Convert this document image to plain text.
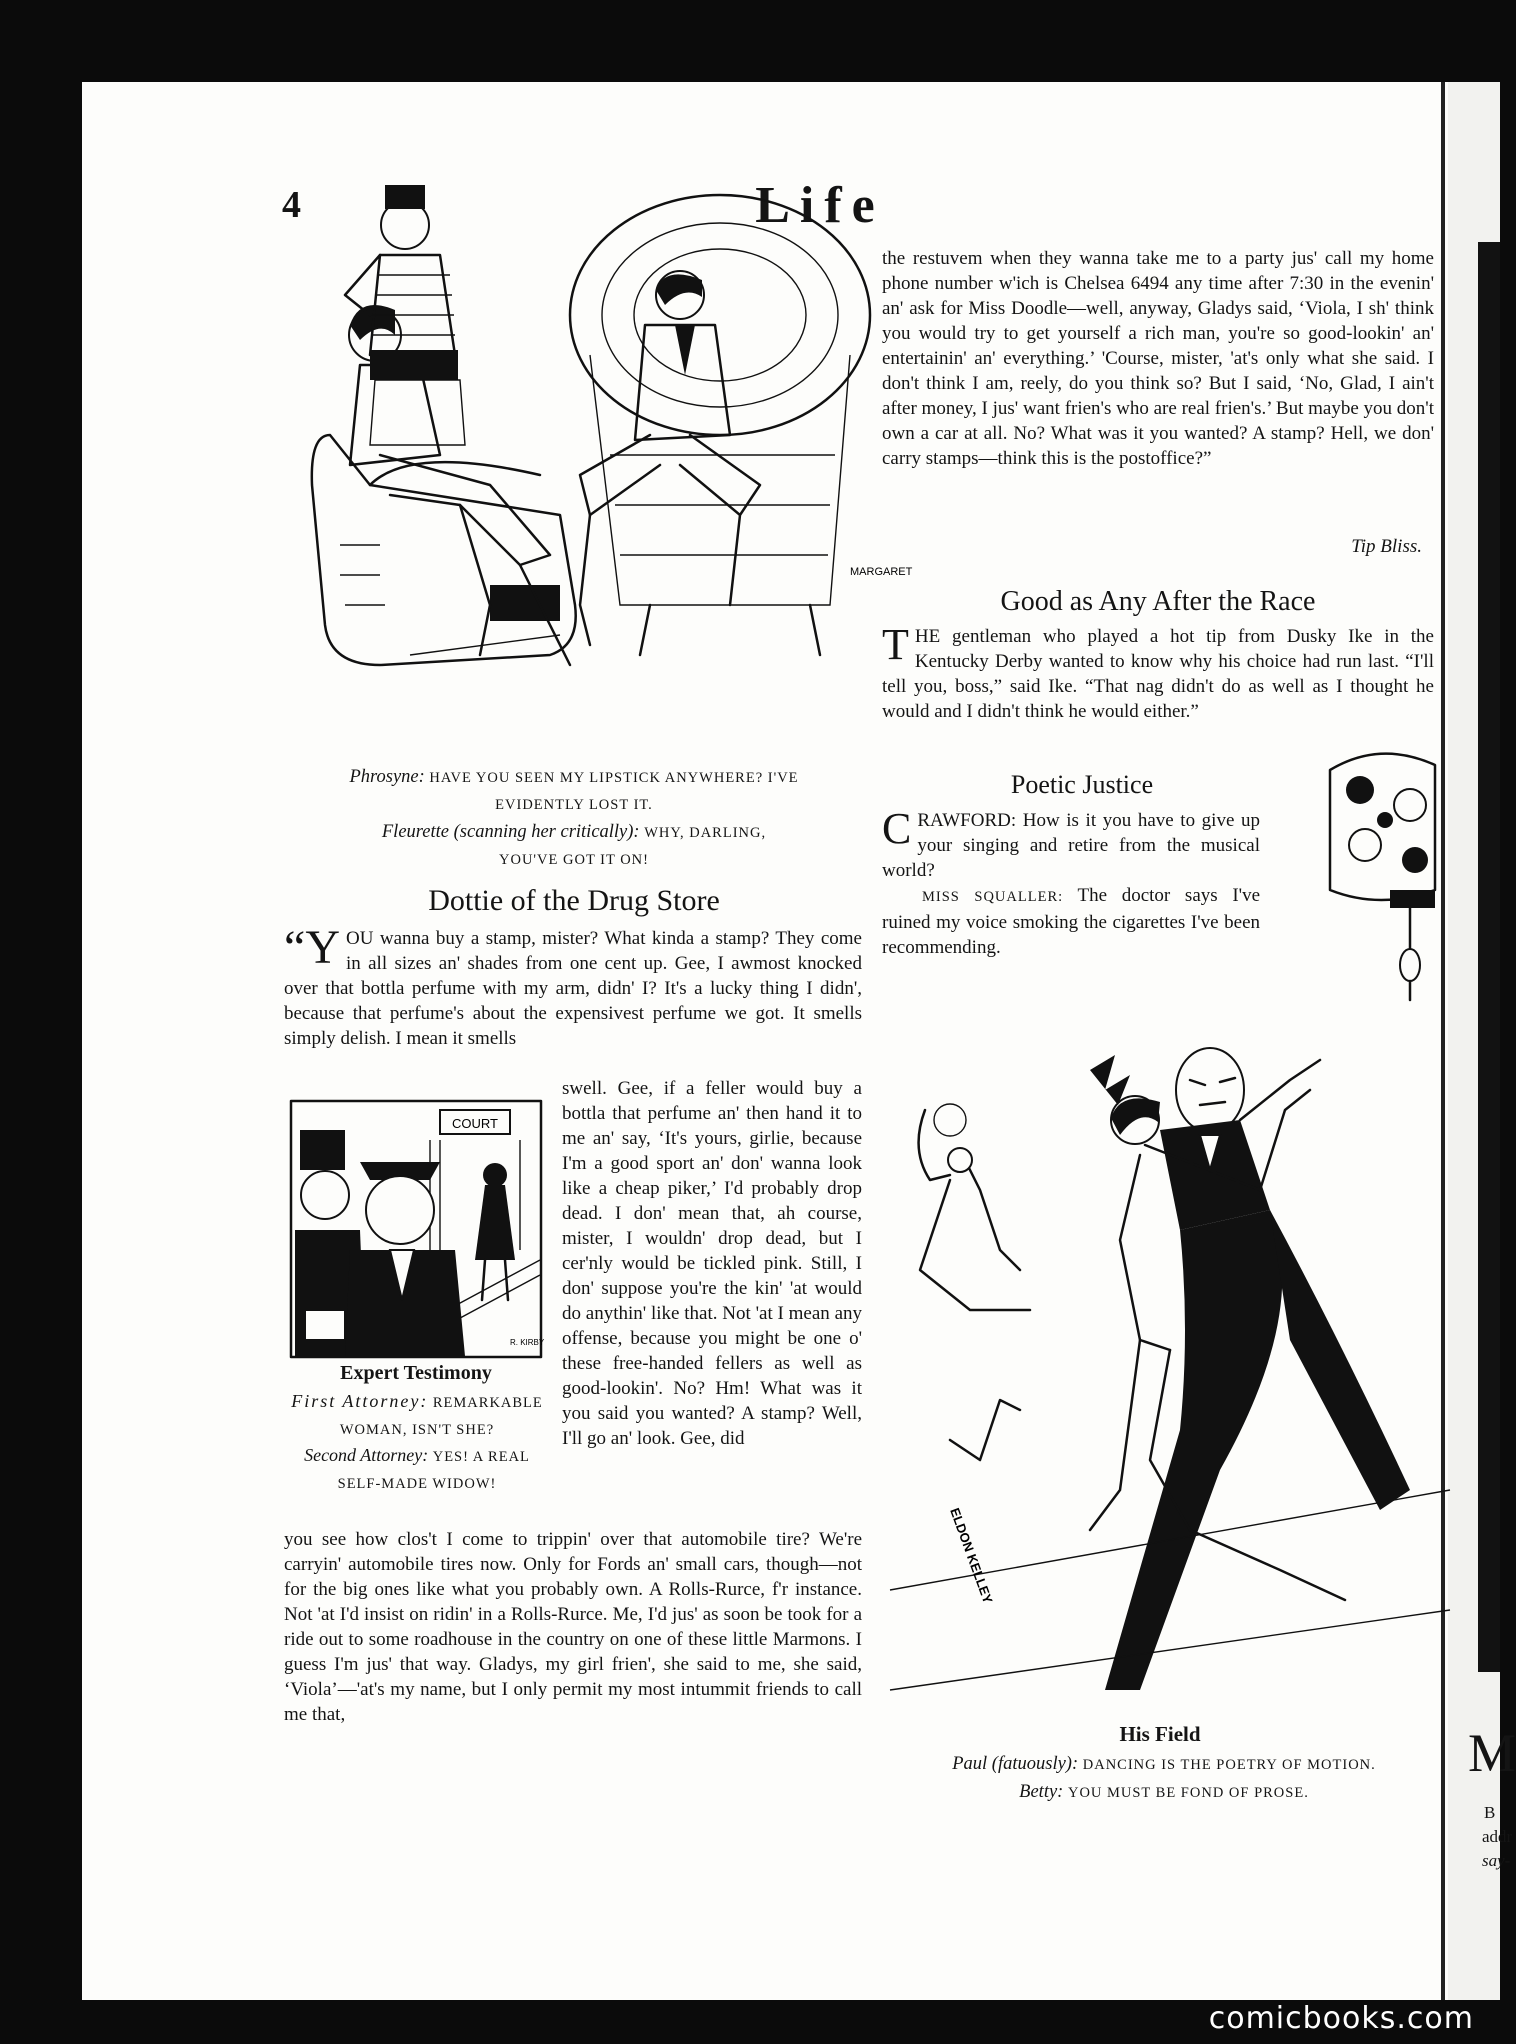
M
B
addr
say-
4	Life
MARGARET
Phrosyne: HAVE YOU SEEN MY LIPSTICK ANYWHERE? I'VE
EVIDENTLY LOST IT.
Fleurette (scanning her critically): WHY, DARLING,
YOU'VE GOT IT ON!
Dottie of the Drug Store
“Y OU wanna buy a stamp, mister? What kinda a stamp? They come in all sizes an' shades from one cent up. Gee, I awmost knocked over that bottla perfume with my arm, didn' I? It's a lucky thing I didn', because that perfume's about the expensivest perfume we got. It smells simply delish. I mean it smells
COURT
R. KIRBY
Expert Testimony
First Attorney: REMARKABLE WOMAN, ISN'T SHE?
Second Attorney: YES! A REAL SELF-MADE WIDOW!
swell. Gee, if a feller would buy a bottla that perfume an' then hand it to me an' say, ‘It's yours, girlie, because I'm a good sport an' don' wanna look like a cheap piker,’ I'd probably drop dead. I don' mean that, ah course, mister, I wouldn' drop dead, but I cer'nly would be tickled pink. Still, I don' suppose you're the kin' 'at would do anythin' like that. Not 'at I mean any offense, because you might be one o' these free-handed fellers as well as good-lookin'. No? Hm! What was it you said you wanted? A stamp? Well, I'll go an' look. Gee, did
you see how clos't I come to trippin' over that automobile tire? We're carryin' automobile tires now. Only for Fords an' small cars, though—not for the big ones like what you probably own. A Rolls-Rurce, f'r instance. Not 'at I'd insist on ridin' in a Rolls-Rurce. Me, I'd jus' as soon be took for a ride out to some roadhouse in the country on one of these little Marmons. I guess I'm jus' that way. Gladys, my girl frien', she said to me, she said, ‘Viola’—'at's my name, but I only permit my most intummit friends to call me that,
the restuvem when they wanna take me to a party jus' call my home phone number w'ich is Chelsea 6494 any time after 7:30 in the evenin' an' ask for Miss Doodle—well, anyway, Gladys said, ‘Viola, I sh' think you would try to get yourself a rich man, you're so good-lookin' an' entertainin' an' everything.’ 'Course, mister, 'at's only what she said. I don't think I am, reely, do you think so? But I said, ‘No, Glad, I ain't after money, I jus' want frien's who are real frien's.’ But maybe you don't own a car at all. No? What was it you wanted? A stamp? Hell, we don' carry stamps—think this is the postoffice?”
Tip Bliss.
Good as Any After the Race
T HE gentleman who played a hot tip from Dusky Ike in the Kentucky Derby wanted to know why his choice had run last. “I'll tell you, boss,” said Ike. “That nag didn't do as well as I thought he would and I didn't think he would either.”
Poetic Justice
C RAWFORD: How is it you have to give up your singing and retire from the musical world?
MISS SQUALLER: The doctor says I've ruined my voice smoking the cigarettes I've been recommending.
ELDON KELLEY
His Field
Paul (fatuously): DANCING IS THE POETRY OF MOTION.
Betty: YOU MUST BE FOND OF PROSE.
comicbooks.com
